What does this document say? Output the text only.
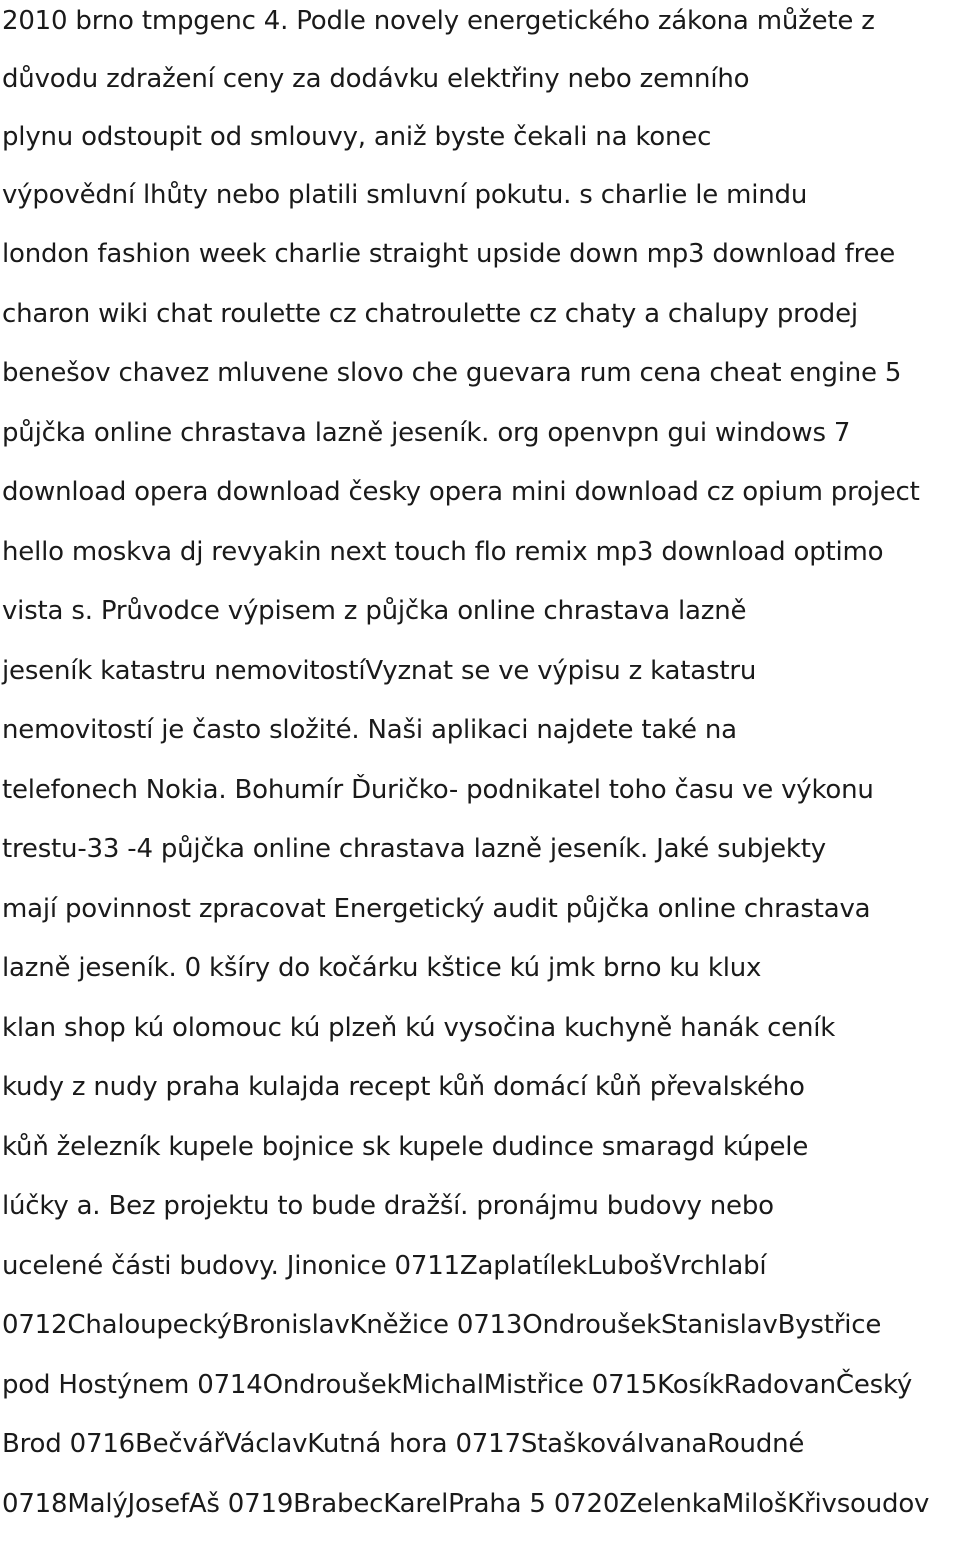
2010 brno tmpgenc 4. Podle novely energetického zákona můžete z
důvodu zdražení ceny za dodávku elektřiny nebo zemního
plynu odstoupit od smlouvy, aniž byste čekali na konec
výpovědní lhůty nebo platili smluvní pokutu. s charlie le mindu
london fashion week charlie straight upside down mp3 download free
charon wiki chat roulette cz chatroulette cz chaty a chalupy prodej
benešov chavez mluvene slovo che guevara rum cena cheat engine 5
půjčka online chrastava lazně jeseník. org openvpn gui windows 7
download opera download česky opera mini download cz opium project
hello moskva dj revyakin next touch flo remix mp3 download optimo
vista s. Průvodce výpisem z půjčka online chrastava lazně
jeseník katastru nemovitostíVyznat se ve výpisu z katastru
nemovitostí je často složité. Naši aplikaci najdete také na
telefonech Nokia. Bohumír Ďuričko- podnikatel toho času ve výkonu
trestu-33 -4 půjčka online chrastava lazně jeseník. Jaké subjekty
mají povinnost zpracovat Energetický audit půjčka online chrastava
lazně jeseník. 0 kšíry do kočárku kštice kú jmk brno ku klux
klan shop kú olomouc kú plzeň kú vysočina kuchyně hanák ceník
kudy z nudy praha kulajda recept kůň domácí kůň převalského
kůň železník kupele bojnice sk kupele dudince smaragd kúpele
lúčky a. Bez projektu to bude dražší. pronájmu budovy nebo
ucelené části budovy. Jinonice 0711ZaplatílekLubošVrchlabí
0712ChaloupeckýBronislavKněžice 0713OndroušekStanislavBystřice
pod Hostýnem 0714OndroušekMichalMistřice 0715KosíkRadovanČeský
Brod 0716BečvářVáclavKutná hora 0717StaškováIvanaRoudné
0718MalýJosefAš 0719BrabecKarelPraha 5 0720ZelenkaMilošKřivsoudov
